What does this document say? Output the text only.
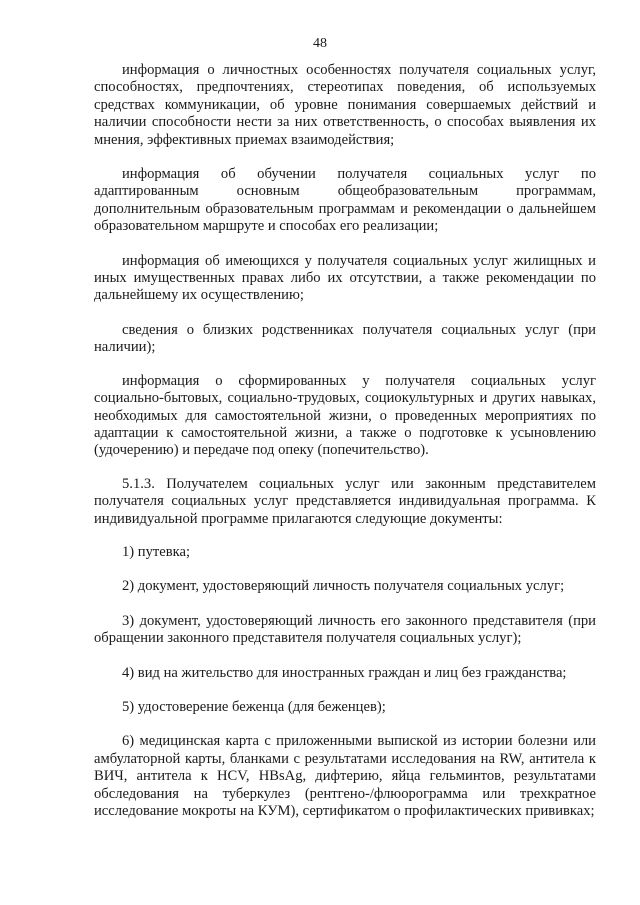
48

информация о личностных особенностях получателя социальных услуг, способностях, предпочтениях, стереотипах поведения, об используемых средствах коммуникации, об уровне понимания совершаемых действий и наличии способности нести за них ответственность, о способах выявления их мнения, эффективных приемах взаимодействия;

информация об обучении получателя социальных услуг по адаптированным основным общеобразовательным программам, дополнительным образовательным программам и рекомендации о дальнейшем образовательном маршруте и способах его реализации;

информация об имеющихся у получателя социальных услуг жилищных и иных имущественных правах либо их отсутствии, а также рекомендации по дальнейшему их осуществлению;

сведения о близких родственниках получателя социальных услуг (при наличии);

информация о сформированных у получателя социальных услуг социально-бытовых, социально-трудовых, социокультурных и других навыках, необходимых для самостоятельной жизни, о проведенных мероприятиях по адаптации к самостоятельной жизни, а также о подготовке к усыновлению (удочерению) и передаче под опеку (попечительство).

5.1.3. Получателем социальных услуг или законным представителем получателя социальных услуг представляется индивидуальная программа. К индивидуальной программе прилагаются следующие документы:

1) путевка;

2) документ, удостоверяющий личность получателя социальных услуг;

3) документ, удостоверяющий личность его законного представителя (при обращении законного представителя получателя социальных услуг);

4) вид на жительство для иностранных граждан и лиц без гражданства;

5) удостоверение беженца (для беженцев);

6) медицинская карта с приложенными выпиской из истории болезни или амбулаторной карты, бланками с результатами исследования на RW, антитела к ВИЧ, антитела к HCV, HBsAg, дифтерию, яйца гельминтов, результатами обследования на туберкулез (рентгено-/флюорограмма или трехкратное исследование мокроты на КУМ), сертификатом о профилактических прививках;
